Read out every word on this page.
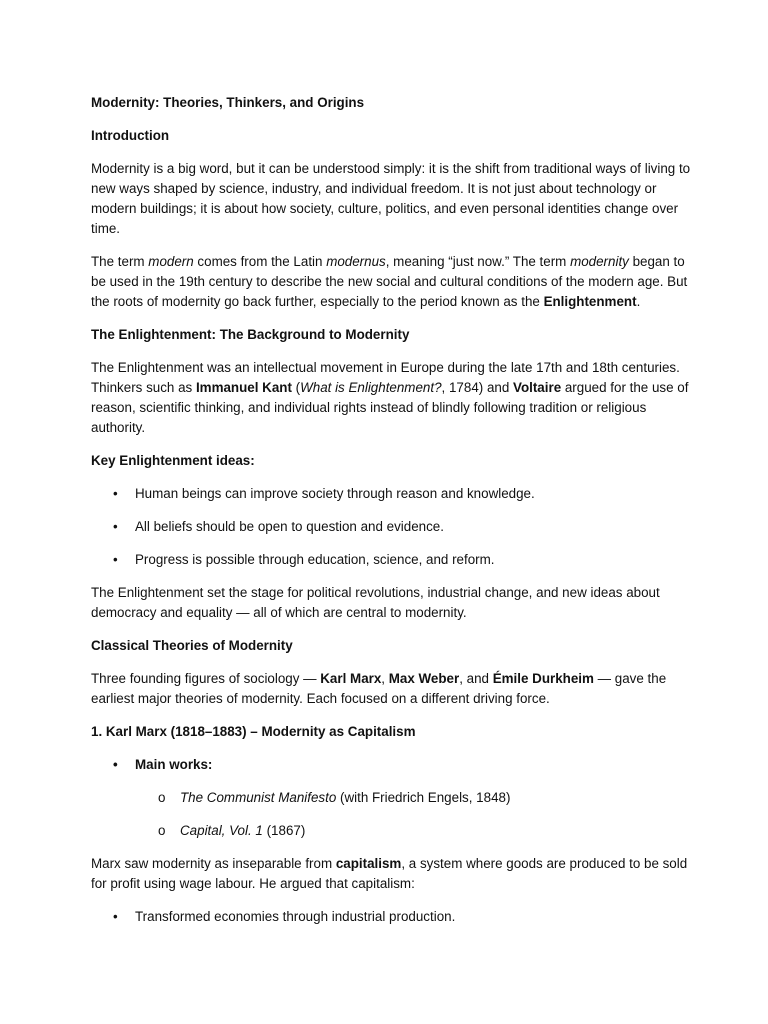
Modernity: Theories, Thinkers, and Origins

Introduction

Modernity is a big word, but it can be understood simply: it is the shift from traditional ways of living to new ways shaped by science, industry, and individual freedom. It is not just about technology or modern buildings; it is about how society, culture, politics, and even personal identities change over time.

The term modern comes from the Latin modernus, meaning “just now.” The term modernity began to be used in the 19th century to describe the new social and cultural conditions of the modern age. But the roots of modernity go back further, especially to the period known as the Enlightenment.

The Enlightenment: The Background to Modernity

The Enlightenment was an intellectual movement in Europe during the late 17th and 18th centuries. Thinkers such as Immanuel Kant (What is Enlightenment?, 1784) and Voltaire argued for the use of reason, scientific thinking, and individual rights instead of blindly following tradition or religious authority.

Key Enlightenment ideas:

• Human beings can improve society through reason and knowledge.
• All beliefs should be open to question and evidence.
• Progress is possible through education, science, and reform.

The Enlightenment set the stage for political revolutions, industrial change, and new ideas about democracy and equality — all of which are central to modernity.

Classical Theories of Modernity

Three founding figures of sociology — Karl Marx, Max Weber, and Émile Durkheim — gave the earliest major theories of modernity. Each focused on a different driving force.

1. Karl Marx (1818–1883) – Modernity as Capitalism

• Main works:
o The Communist Manifesto (with Friedrich Engels, 1848)
o Capital, Vol. 1 (1867)

Marx saw modernity as inseparable from capitalism, a system where goods are produced to be sold for profit using wage labour. He argued that capitalism:

• Transformed economies through industrial production.
